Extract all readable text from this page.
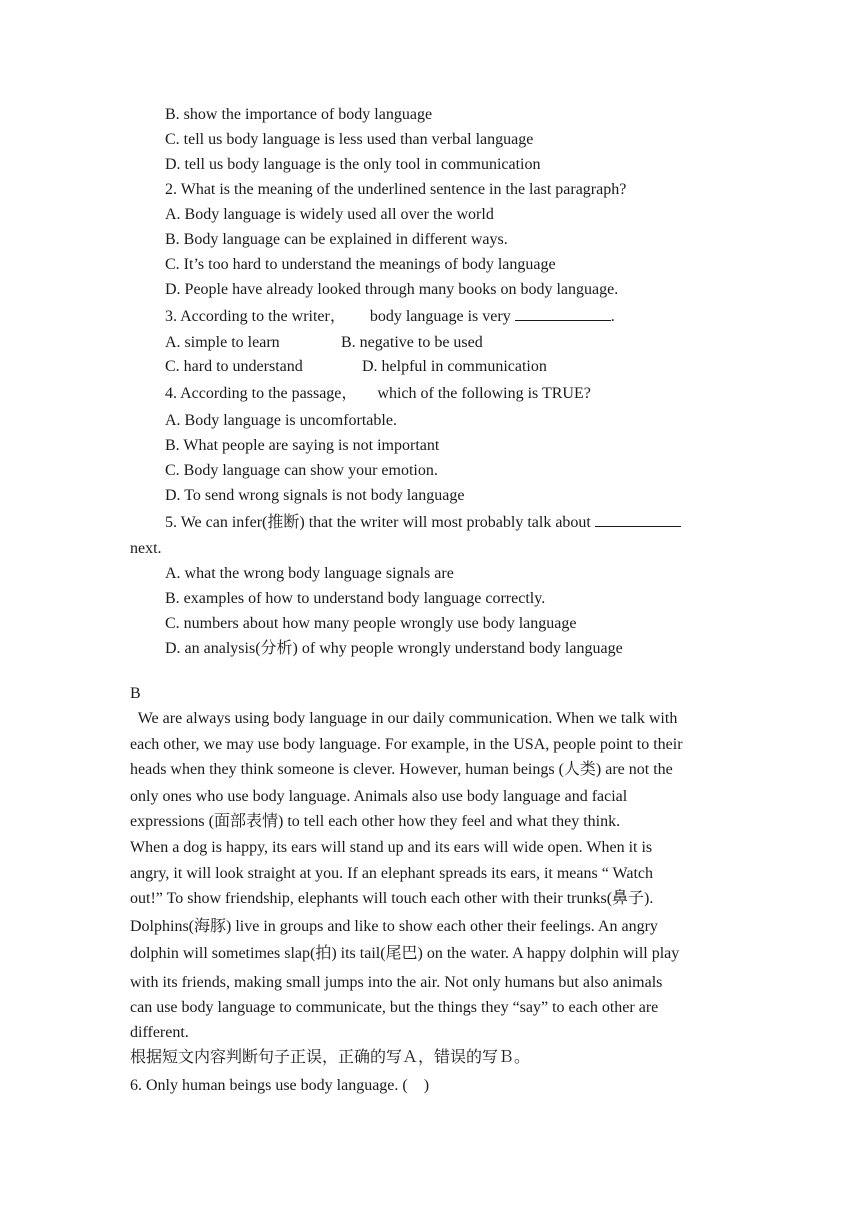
B. show the importance of body language
C. tell us body language is less used than verbal language
D. tell us body language is the only tool in communication
2. What is the meaning of the underlined sentence in the last paragraph?
A. Body language is widely used all over the world
B. Body language can be explained in different ways.
C. It’s too hard to understand the meanings of body language
D. People have already looked through many books on body language.
3. According to the writer， body language is very	.
A. simple to learn	B. negative to be used
C. hard to understand	D. helpful in communication
4. According to the passage， which of the following is TRUE?
A. Body language is uncomfortable.
B. What people are saying is not important
C. Body language can show your emotion.
D. To send wrong signals is not body language
5. We can infer(推断) that the writer will most probably talk about
next.
A. what the wrong body language signals are
B. examples of how to understand body language correctly.
C. numbers about how many people wrongly use body language
D. an analysis(分析) of why people wrongly understand body language
B
We are always using body language in our daily communication. When we talk with
each other, we may use body language. For example, in the USA, people point to their
heads when they think someone is clever. However, human beings (人类) are not the
only ones who use body language. Animals also use body language and facial
expressions (面部表情) to tell each other how they feel and what they think.
When a dog is happy, its ears will stand up and its ears will wide open. When it is
angry, it will look straight at you. If an elephant spreads its ears, it means “ Watch
out!” To show friendship, elephants will touch each other with their trunks(鼻子).
Dolphins(海豚) live in groups and like to show each other their feelings. An angry
dolphin will sometimes slap(拍) its tail(尾巴) on the water. A happy dolphin will play
with its friends, making small jumps into the air. Not only humans but also animals
can use body language to communicate, but the things they “say” to each other are
different.
根据短文内容判断句子正误，正确的写Ａ，错误的写Ｂ。
6. Only human beings use body language. (    )
